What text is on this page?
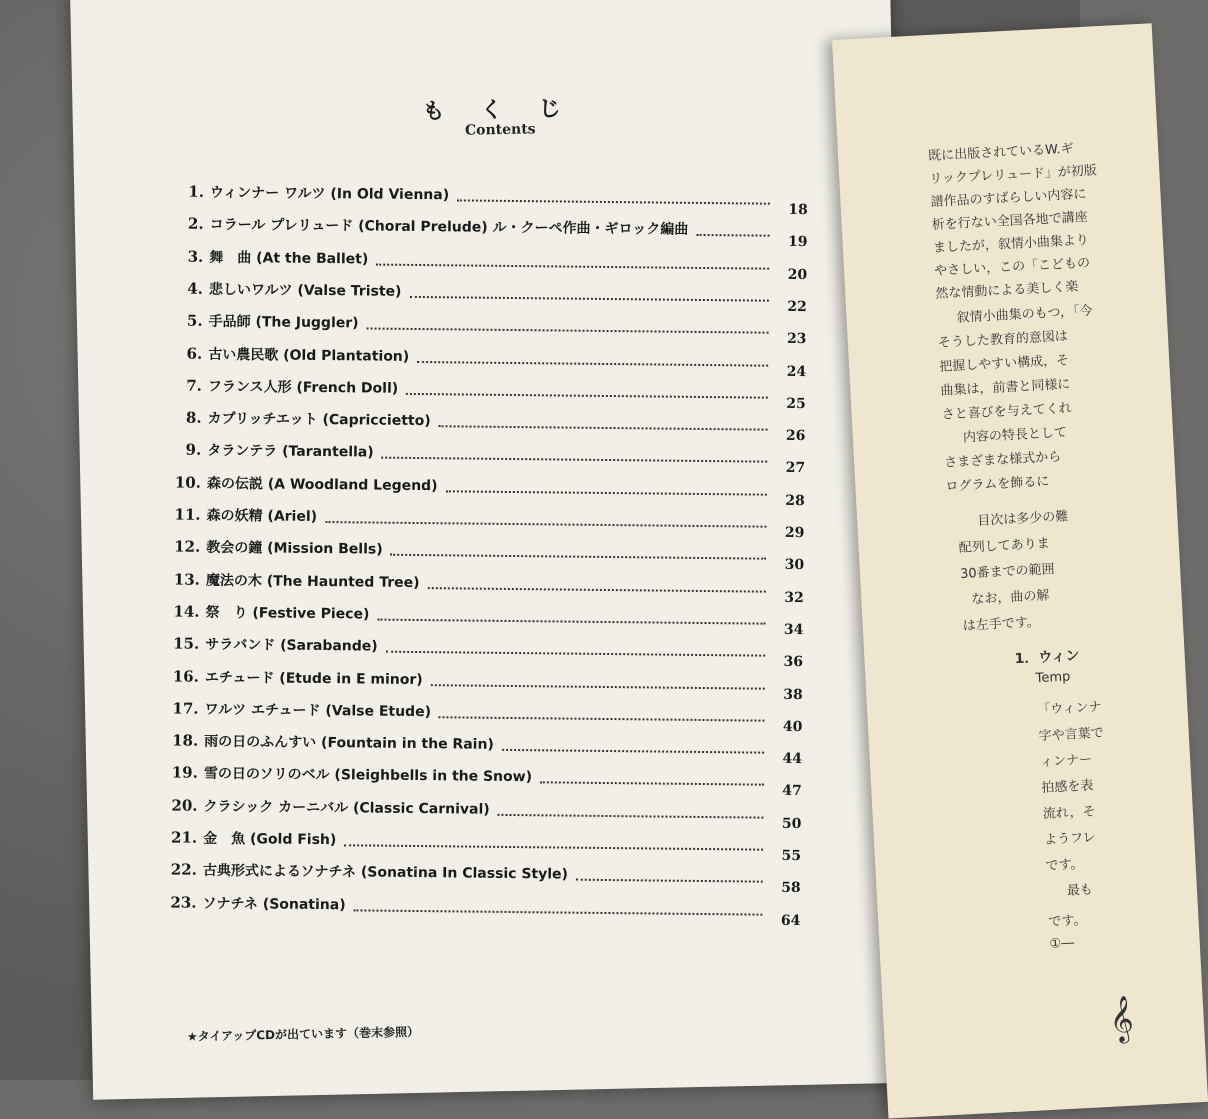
もくじ
Contents
1. ウィンナー ワルツ (In Old Vienna)
18
2. コラール プレリュード (Choral Prelude) ル・クーペ作曲・ギロック編曲
19
3. 舞　曲 (At the Ballet)
20
4. 悲しいワルツ (Valse Triste)
22
5. 手品師 (The Juggler)
23
6. 古い農民歌 (Old Plantation)
24
7. フランス人形 (French Doll)
25
8. カプリッチエット (Capriccietto)
26
9. タランテラ (Tarantella)
27
10. 森の伝説 (A Woodland Legend)
28
11. 森の妖精 (Ariel)
29
12. 教会の鐘 (Mission Bells)
30
13. 魔法の木 (The Haunted Tree)
32
14. 祭　り (Festive Piece)
34
15. サラバンド (Sarabande)
36
16. エチュード (Etude in E minor)
38
17. ワルツ エチュード (Valse Etude)
40
18. 雨の日のふんすい (Fountain in the Rain)
44
19. 雪の日のソリのベル (Sleighbells in the Snow)
47
20. クラシック カーニバル (Classic Carnival)
50
21. 金　魚 (Gold Fish)
55
22. 古典形式によるソナチネ (Sonatina In Classic Style)
58
23. ソナチネ (Sonatina)
64
★タイアップCDが出ています（巻末参照）	𝄞
既に出版されているW.ギ
リックプレリュード」が初版
譜作品のすばらしい内容に
析を行ない全国各地で講座
ましたが，叙情小曲集より
やさしい，この「こどもの
然な情動による美しく楽
叙情小曲集のもつ，「今
そうした教育的意図は
把握しやすい構成，そ
曲集は，前書と同様に
さと喜びを与えてくれ
内容の特長として
さまざまな様式から
ログラムを飾るに
目次は多少の難
配列してありま
30番までの範囲
なお，曲の解
は左手です。
1．ウィン
Temp
「ウィンナ
字や言葉で
ィンナー
拍感を表
流れ，そ
ようフレ
です。
最も
です。
①―
